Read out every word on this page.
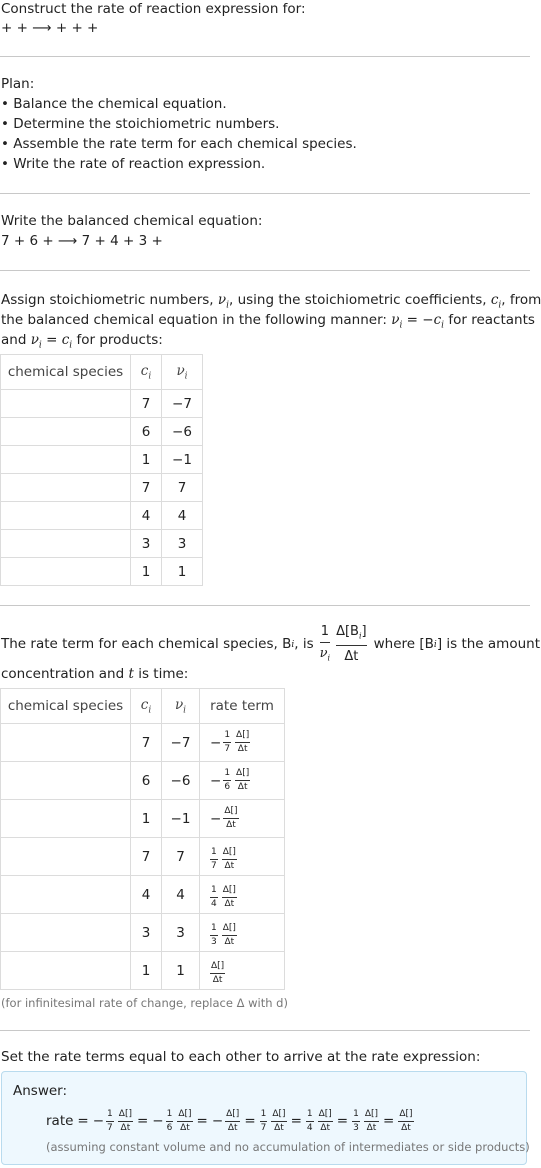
Construct the rate of reaction expression for:
+ + ⟶ + + +
Plan:
• Balance the chemical equation.
• Determine the stoichiometric numbers.
• Assemble the rate term for each chemical species.
• Write the rate of reaction expression.
Write the balanced chemical equation:
7 + 6 + ⟶ 7 + 4 + 3 +
Assign stoichiometric numbers, $\nu_i$, using the stoichiometric coefficients, $c_i$, from
the balanced chemical equation in the following manner: $\nu_i = -c_i$ for reactants
and $\nu_i = c_i$ for products:
chemical species	$c_i$	$\nu_i$
	7	−7
	6	−6
	1	−1
	7	7
	4	4
	3	3
	1	1
The rate term for each chemical species, B i , is $\frac{1}{\nu_i} \frac{\Delta[B_i]}{\Delta t}$ where [B i ] is the amount
concentration and t is time:
chemical species	$c_i$	$\nu_i$	rate term
	7	−7	− $\frac{1}{7} \frac{\Delta[]}{\Delta t}$

	6	−6	− $\frac{1}{6} \frac{\Delta[]}{\Delta t}$

	1	−1	− $\frac{\Delta[]}{\Delta t}$

	7	7	$\frac{1}{7} \frac{\Delta[]}{\Delta t}$

	4	4	$\frac{1}{4} \frac{\Delta[]}{\Delta t}$

	3	3	$\frac{1}{3} \frac{\Delta[]}{\Delta t}$

	1	1	$\frac{\Delta[]}{\Delta t}$
(for infinitesimal rate of change, replace Δ with d)
Set the rate terms equal to each other to arrive at the rate expression:
Answer:
rate = − $\frac{1}{7} \frac{\Delta[]}{\Delta t}$ = − $\frac{1}{6} \frac{\Delta[]}{\Delta t}$ = − $\frac{\Delta[]}{\Delta t} = \frac{1}{7} \frac{\Delta[]}{\Delta t} = \frac{1}{4} \frac{\Delta[]}{\Delta t} = \frac{1}{3} \frac{\Delta[]}{\Delta t} = \frac{\Delta[]}{\Delta t}$
(assuming constant volume and no accumulation of intermediates or side products)
